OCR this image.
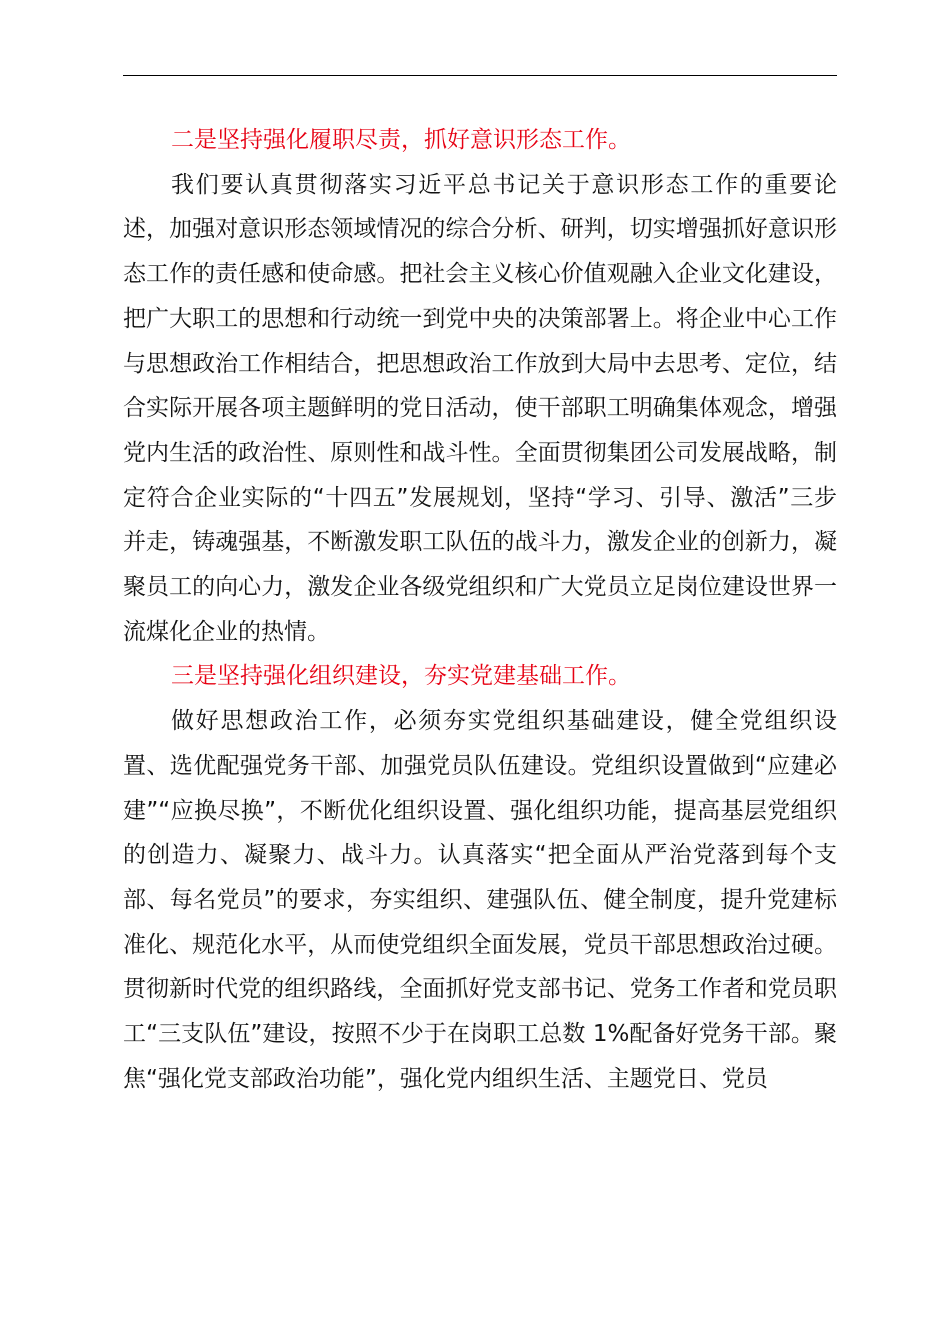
二是坚持强化履职尽责，抓好意识形态工作。

我们要认真贯彻落实习近平总书记关于意识形态工作的重要论述，加强对意识形态领域情况的综合分析、研判，切实增强抓好意识形态工作的责任感和使命感。把社会主义核心价值观融入企业文化建设，把广大职工的思想和行动统一到党中央的决策部署上。将企业中心工作与思想政治工作相结合，把思想政治工作放到大局中去思考、定位，结合实际开展各项主题鲜明的党日活动，使干部职工明确集体观念，增强党内生活的政治性、原则性和战斗性。全面贯彻集团公司发展战略，制定符合企业实际的“十四五”发展规划，坚持“学习、引导、激活”三步并走，铸魂强基，不断激发职工队伍的战斗力，激发企业的创新力，凝聚员工的向心力，激发企业各级党组织和广大党员立足岗位建设世界一流煤化企业的热情。

三是坚持强化组织建设，夯实党建基础工作。

做好思想政治工作，必须夯实党组织基础建设，健全党组织设置、选优配强党务干部、加强党员队伍建设。党组织设置做到“应建必建”“应换尽换”，不断优化组织设置、强化组织功能，提高基层党组织的创造力、凝聚力、战斗力。认真落实“把全面从严治党落到每个支部、每名党员”的要求，夯实组织、建强队伍、健全制度，提升党建标准化、规范化水平，从而使党组织全面发展，党员干部思想政治过硬。贯彻新时代党的组织路线，全面抓好党支部书记、党务工作者和党员职工“三支队伍”建设，按照不少于在岗职工总数 1%配备好党务干部。聚焦“强化党支部政治功能”，强化党内组织生活、主题党日、党员
